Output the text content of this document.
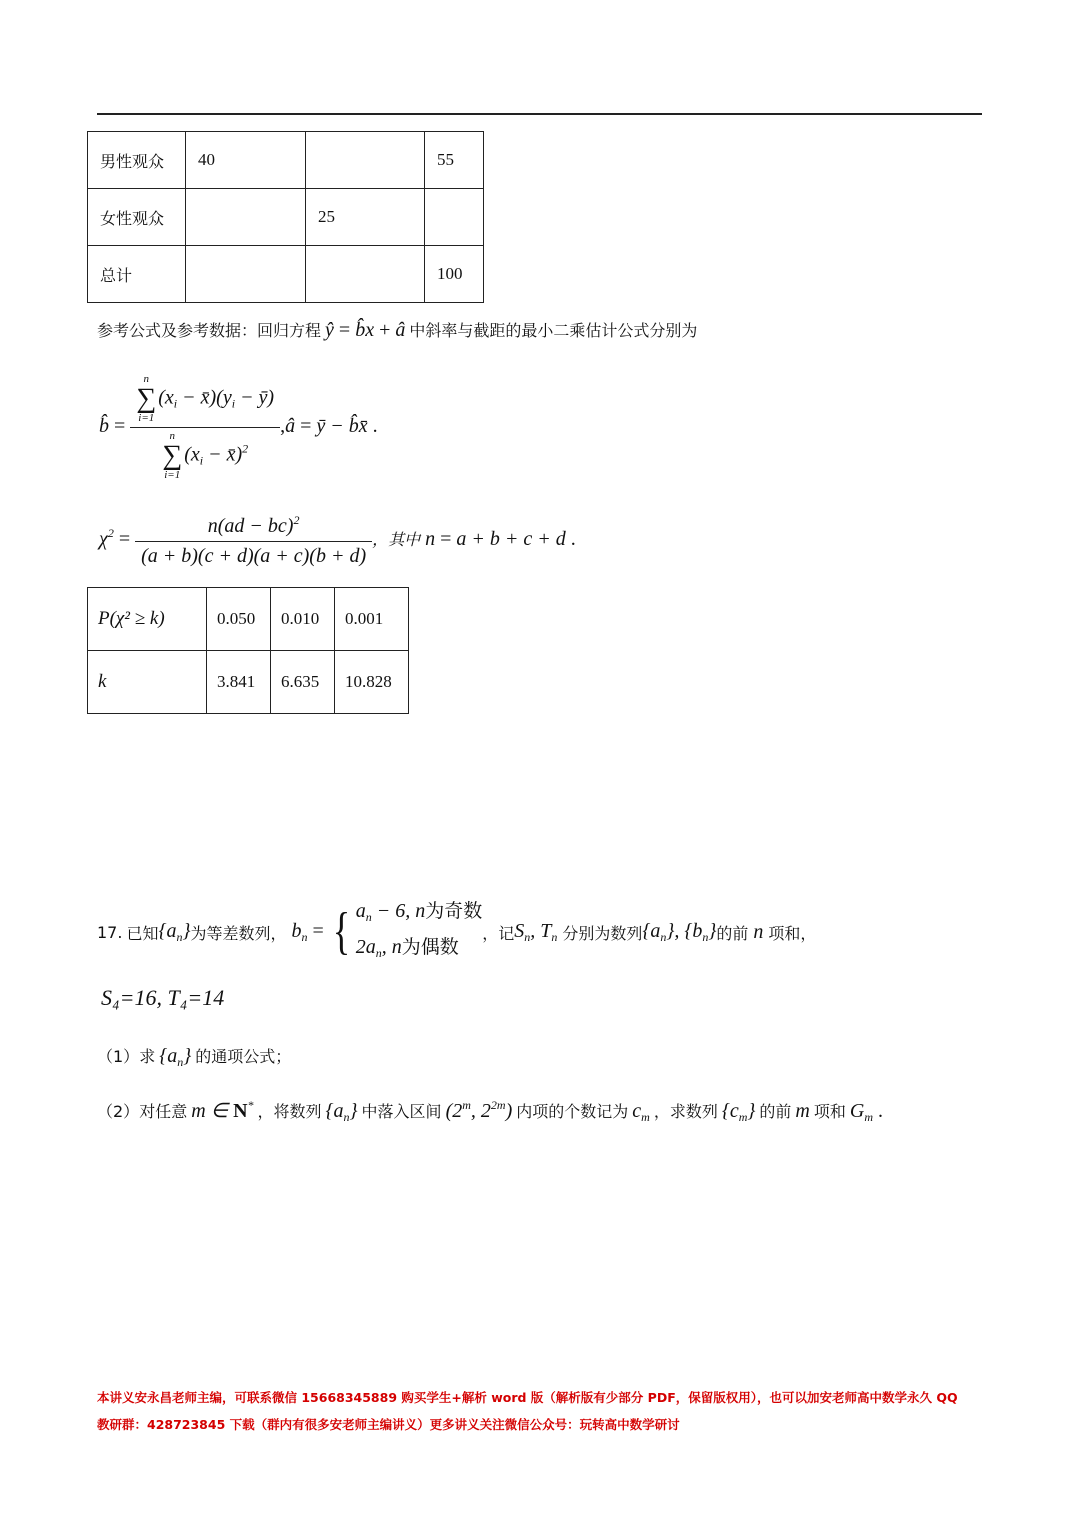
男性观众	40		55
女性观众		25	
总计			100
参考公式及参考数据：回归方程 ŷ = b̂x + â 中斜率与截距的最小二乘估计公式分别为
b̂ = n
∑
i=1
($x_i$ − $x̄)(y_i$ − ȳ)
n
∑
i=1
($x_i$ − x̄)$^2$ ,â = ȳ − b̂x̄ .
$\chi^2 = \frac{n(ad - bc)^2}{(a + b)(c + d)(a + c)(b + d)}$ ，其中 n = a + b + c + d .
P(χ² ≥ k)	0.050	0.010	0.001
k	3.841	6.635	10.828
17.
已知 $\{a_n\}$ 为等差数列， $b_n$ = { $a_n - 6$, n为奇数
$2a_n$, n为偶数
，记 $S_n$, $T_n$ 分别为数列 $\{a_n\}$, $\{b_n\}$ 的前 n 项和，
S₄=16, T₄=14
（1）求 $\{a_n\}$ 的通项公式；
（2）对任意 m ∈ N* ，将数列 $\{a_n\}$ 中落入区间 (2$^m$, $2^{2m}$) 内项的个数记为 $c_m$ ，求数列 $\{c_m\}$ 的前 m 项和 $G_m$ .
本讲义安永昌老师主编，可联系微信 15668345889 购买学生+解析 word 版（解析版有少部分 PDF，保留版权用），也可以加安老师高中数学永久 QQ
教研群：428723845 下载（群内有很多安老师主编讲义）更多讲义关注微信公众号：玩转高中数学研讨
